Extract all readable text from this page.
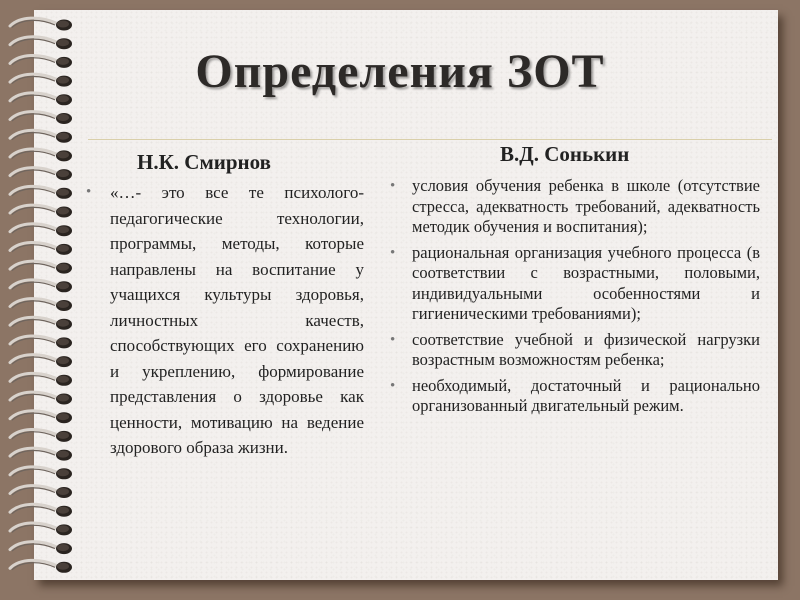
Определения ЗОТ
Н.К. Смирнов
• «…- это все те психолого-педагогические технологии, программы, методы, которые направлены на воспитание у учащихся культуры здоровья, личностных качеств, способствующих его сохранению и укреплению, формирование представления о здоровье как ценности, мотивацию на ведение здорового образа жизни.
В.Д. Сонькин
• условия обучения ребенка в школе (отсутствие стресса, адекватность требований, адекватность методик обучения и воспитания);
• рациональная организация учебного процесса (в соответствии с возрастными, половыми, индивидуальными особенностями и гигиеническими требованиями);
• соответствие учебной и физической нагрузки возрастным возможностям ребенка;
• необходимый, достаточный и рационально организованный двигательный режим.
